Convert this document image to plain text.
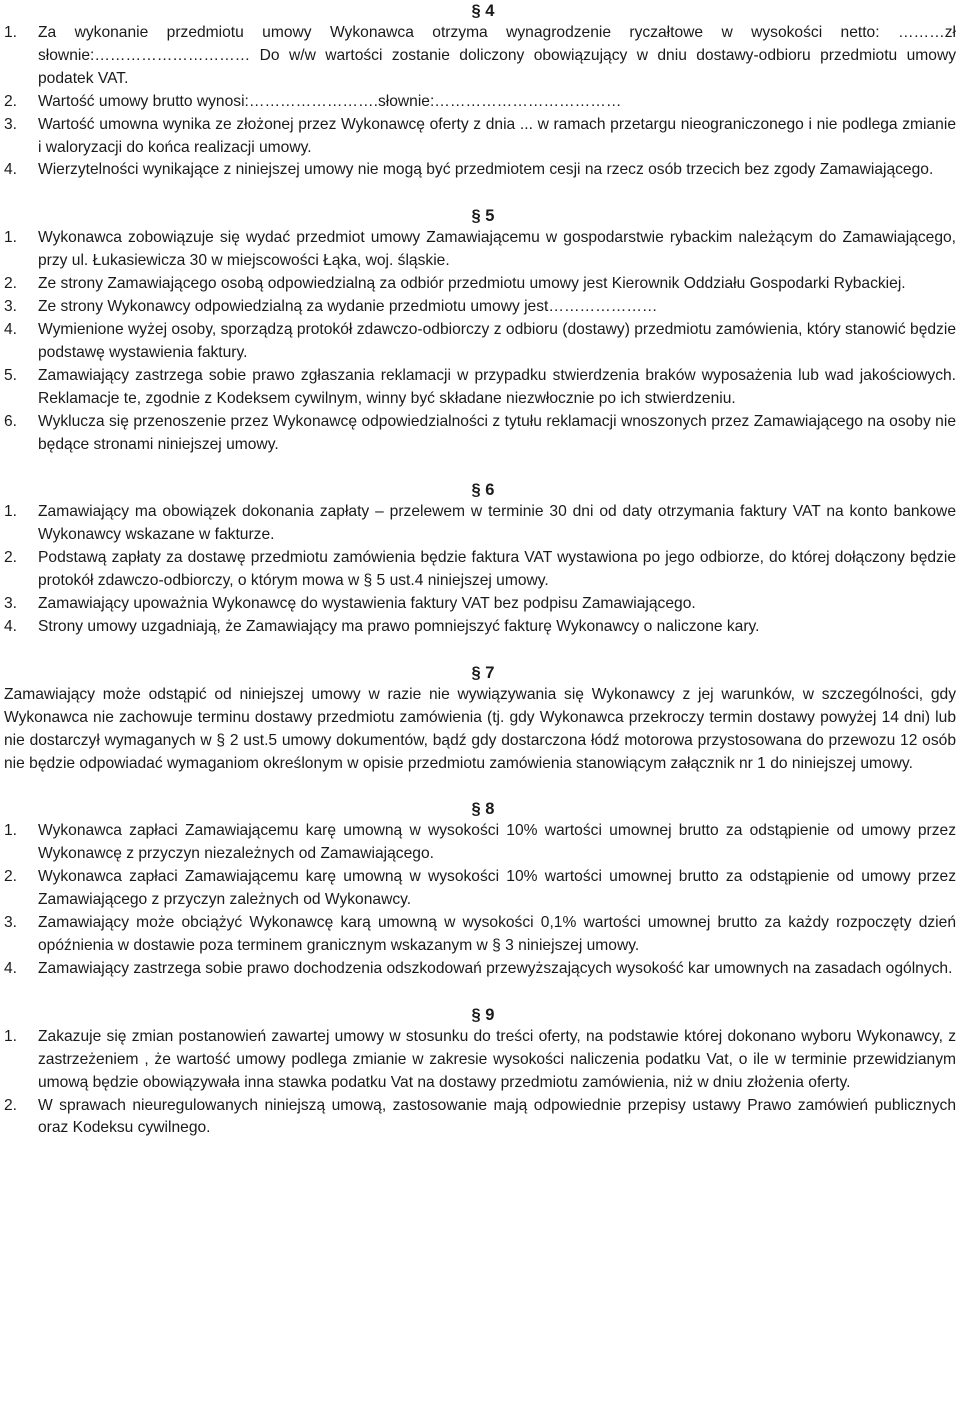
§ 4
1.	Za wykonanie przedmiotu umowy Wykonawca otrzyma wynagrodzenie ryczałtowe w wysokości netto: ………zł słownie:………………………… Do w/w wartości zostanie doliczony obowiązujący w dniu dostawy-odbioru przedmiotu umowy podatek VAT.
2.	Wartość umowy brutto wynosi:…………………….słownie:………………………………
3.	Wartość umowna wynika ze złożonej przez Wykonawcę oferty z dnia ... w ramach przetargu nieograniczonego i nie podlega zmianie i waloryzacji do końca realizacji umowy.
4.	Wierzytelności wynikające z niniejszej umowy nie mogą być przedmiotem cesji na rzecz osób trzecich bez zgody Zamawiającego.
§ 5
1.	Wykonawca zobowiązuje się wydać przedmiot umowy Zamawiającemu w gospodarstwie rybackim należącym do Zamawiającego, przy ul. Łukasiewicza 30 w miejscowości Łąka, woj. śląskie.
2.	Ze strony Zamawiającego osobą odpowiedzialną za odbiór przedmiotu umowy jest Kierownik Oddziału Gospodarki Rybackiej.
3.	Ze strony Wykonawcy odpowiedzialną za wydanie przedmiotu umowy jest…………………
4.	Wymienione wyżej osoby, sporządzą protokół zdawczo-odbiorczy z odbioru (dostawy) przedmiotu zamówienia, który stanowić będzie podstawę wystawienia faktury.
5.	Zamawiający zastrzega sobie prawo zgłaszania reklamacji w przypadku stwierdzenia braków wyposażenia lub wad jakościowych. Reklamacje te, zgodnie z Kodeksem cywilnym, winny być składane niezwłocznie po ich stwierdzeniu.
6.	Wyklucza się przenoszenie przez Wykonawcę odpowiedzialności z tytułu reklamacji wnoszonych przez Zamawiającego na osoby nie będące stronami niniejszej umowy.
§ 6
1.	Zamawiający ma obowiązek dokonania zapłaty – przelewem w terminie 30 dni od daty otrzymania faktury VAT na konto bankowe Wykonawcy wskazane w fakturze.
2.	Podstawą zapłaty za dostawę przedmiotu zamówienia będzie faktura VAT wystawiona po jego odbiorze, do której dołączony będzie protokół zdawczo-odbiorczy, o którym mowa w § 5 ust.4 niniejszej umowy.
3.	Zamawiający upoważnia Wykonawcę do wystawienia faktury VAT bez podpisu Zamawiającego.
4.	Strony umowy uzgadniają, że Zamawiający ma prawo pomniejszyć fakturę Wykonawcy o naliczone kary.
§ 7

Zamawiający może odstąpić od niniejszej umowy w razie nie wywiązywania się Wykonawcy z jej warunków, w szczególności, gdy Wykonawca nie zachowuje terminu dostawy przedmiotu zamówienia (tj. gdy Wykonawca przekroczy termin dostawy powyżej 14 dni) lub nie dostarczył wymaganych w § 2 ust.5 umowy dokumentów, bądź gdy dostarczona łódź motorowa przystosowana do przewozu 12 osób nie będzie odpowiadać wymaganiom określonym w opisie przedmiotu zamówienia stanowiącym załącznik nr 1 do niniejszej umowy.

§ 8
1.	Wykonawca zapłaci Zamawiającemu karę umowną w wysokości 10% wartości umownej brutto za odstąpienie od umowy przez Wykonawcę z przyczyn niezależnych od Zamawiającego.
2.	Wykonawca zapłaci Zamawiającemu karę umowną w wysokości 10% wartości umownej brutto za odstąpienie od umowy przez Zamawiającego z przyczyn zależnych od Wykonawcy.
3.	Zamawiający może obciążyć Wykonawcę karą umowną w wysokości 0,1% wartości umownej brutto za każdy rozpoczęty dzień opóźnienia w dostawie poza terminem granicznym wskazanym w § 3 niniejszej umowy.
4.	Zamawiający zastrzega sobie prawo dochodzenia odszkodowań przewyższających wysokość kar umownych na zasadach ogólnych.
§ 9
1.	Zakazuje się zmian postanowień zawartej umowy w stosunku do treści oferty, na podstawie której dokonano wyboru Wykonawcy, z zastrzeżeniem , że wartość umowy podlega zmianie w zakresie wysokości naliczenia podatku Vat, o ile w terminie przewidzianym umową będzie obowiązywała inna stawka podatku Vat na dostawy przedmiotu zamówienia, niż w dniu złożenia oferty.
2.	W sprawach nieuregulowanych niniejszą umową, zastosowanie mają odpowiednie przepisy ustawy Prawo zamówień publicznych oraz Kodeksu cywilnego.
